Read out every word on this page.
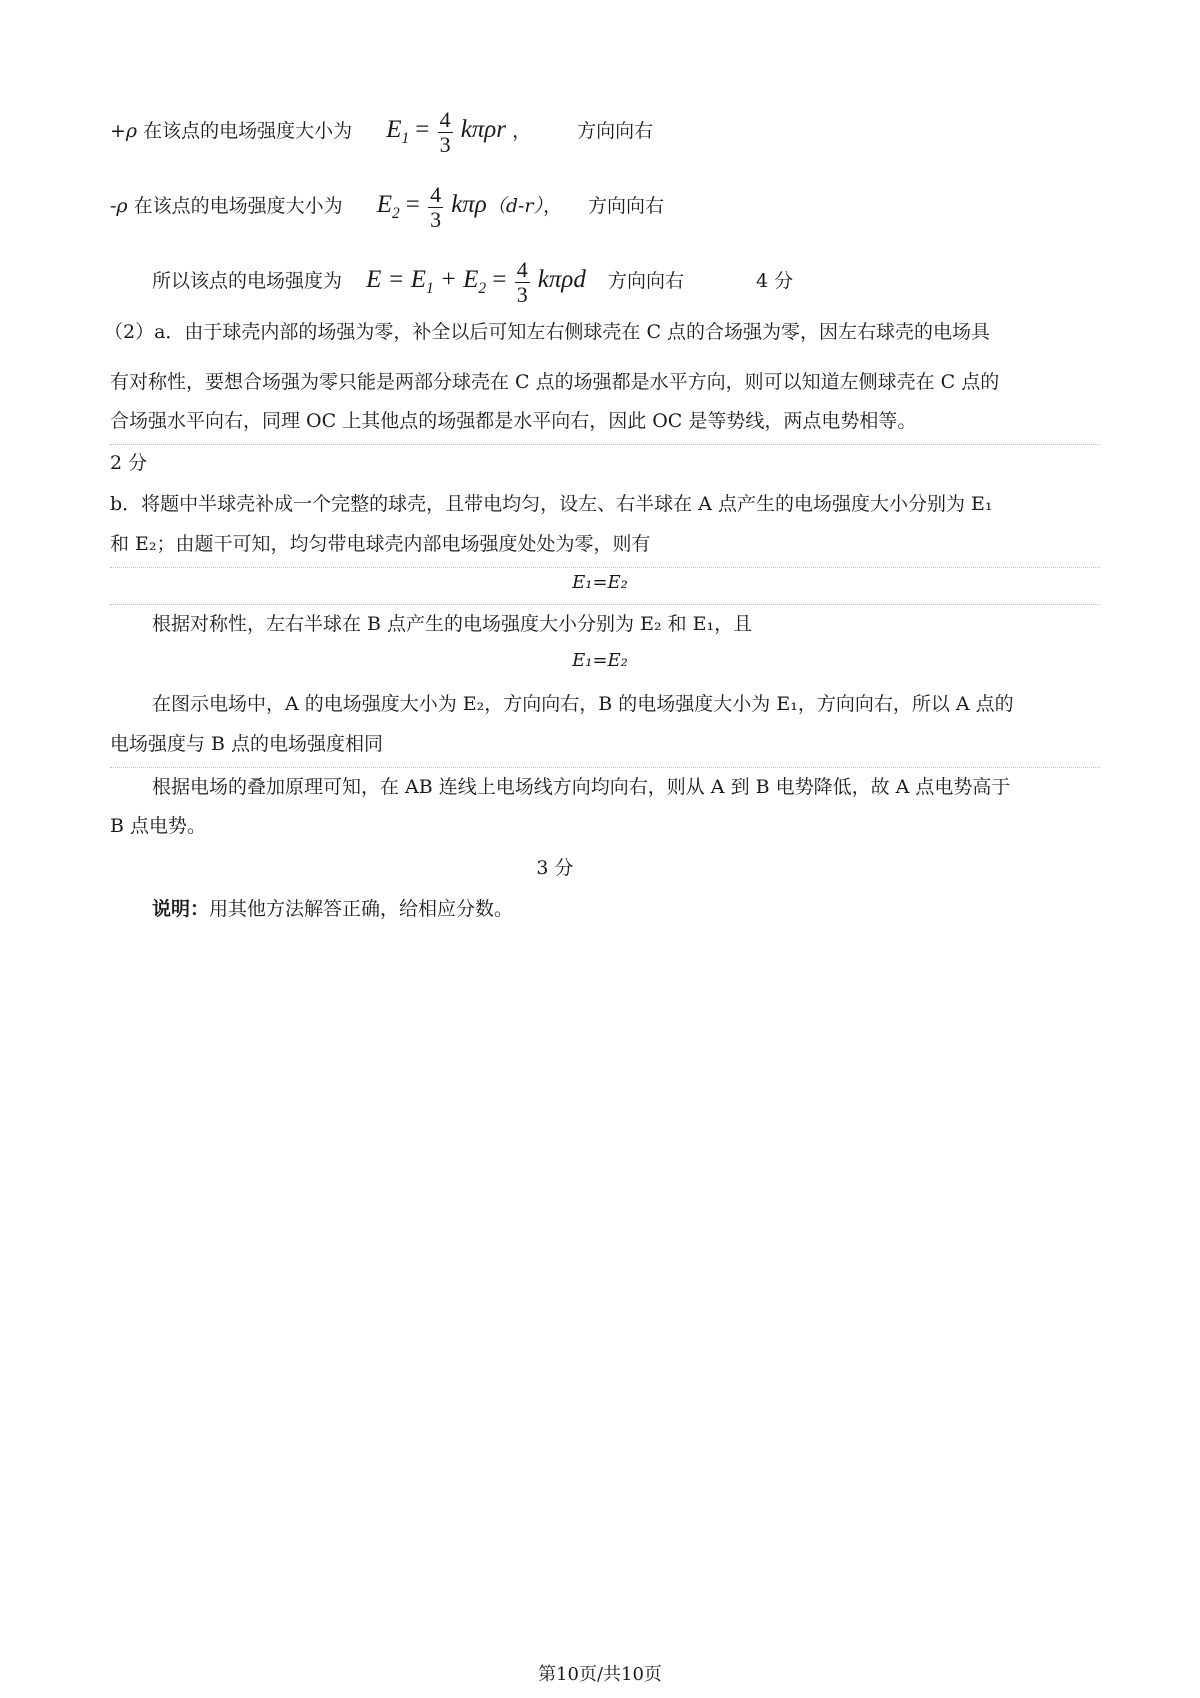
+ρ 在该点的电场强度大小为 $E_1 = \frac{4}{3}$ kπρr ， 方向向右
-ρ 在该点的电场强度大小为 $E_2 = \frac{4}{3} k\pi\rho(d-r)$， 方向向右
所以该点的电场强度为 $E = E_1 + E_2 = \frac{4}{3}$ kπρd 方向向右	4 分
（2）a．由于球壳内部的场强为零，补全以后可知左右侧球壳在 C 点的合场强为零，因左右球壳的电场具
有对称性，要想合场强为零只能是两部分球壳在 C 点的场强都是水平方向，则可以知道左侧球壳在 C 点的
合场强水平向右，同理 OC 上其他点的场强都是水平向右，因此 OC 是等势线，两点电势相等。
2 分
b．将题中半球壳补成一个完整的球壳，且带电均匀，设左、右半球在 A 点产生的电场强度大小分别为 E₁
和 E₂；由题干可知，均匀带电球壳内部电场强度处处为零，则有
E₁=E₂
根据对称性，左右半球在 B 点产生的电场强度大小分别为 E₂ 和 E₁，且
E₁=E₂
在图示电场中，A 的电场强度大小为 E₂，方向向右，B 的电场强度大小为 E₁，方向向右，所以 A 点的
电场强度与 B 点的电场强度相同
根据电场的叠加原理可知，在 AB 连线上电场线方向均向右，则从 A 到 B 电势降低，故 A 点电势高于
B 点电势。
3 分
说明：用其他方法解答正确，给相应分数。
第10页/共10页
